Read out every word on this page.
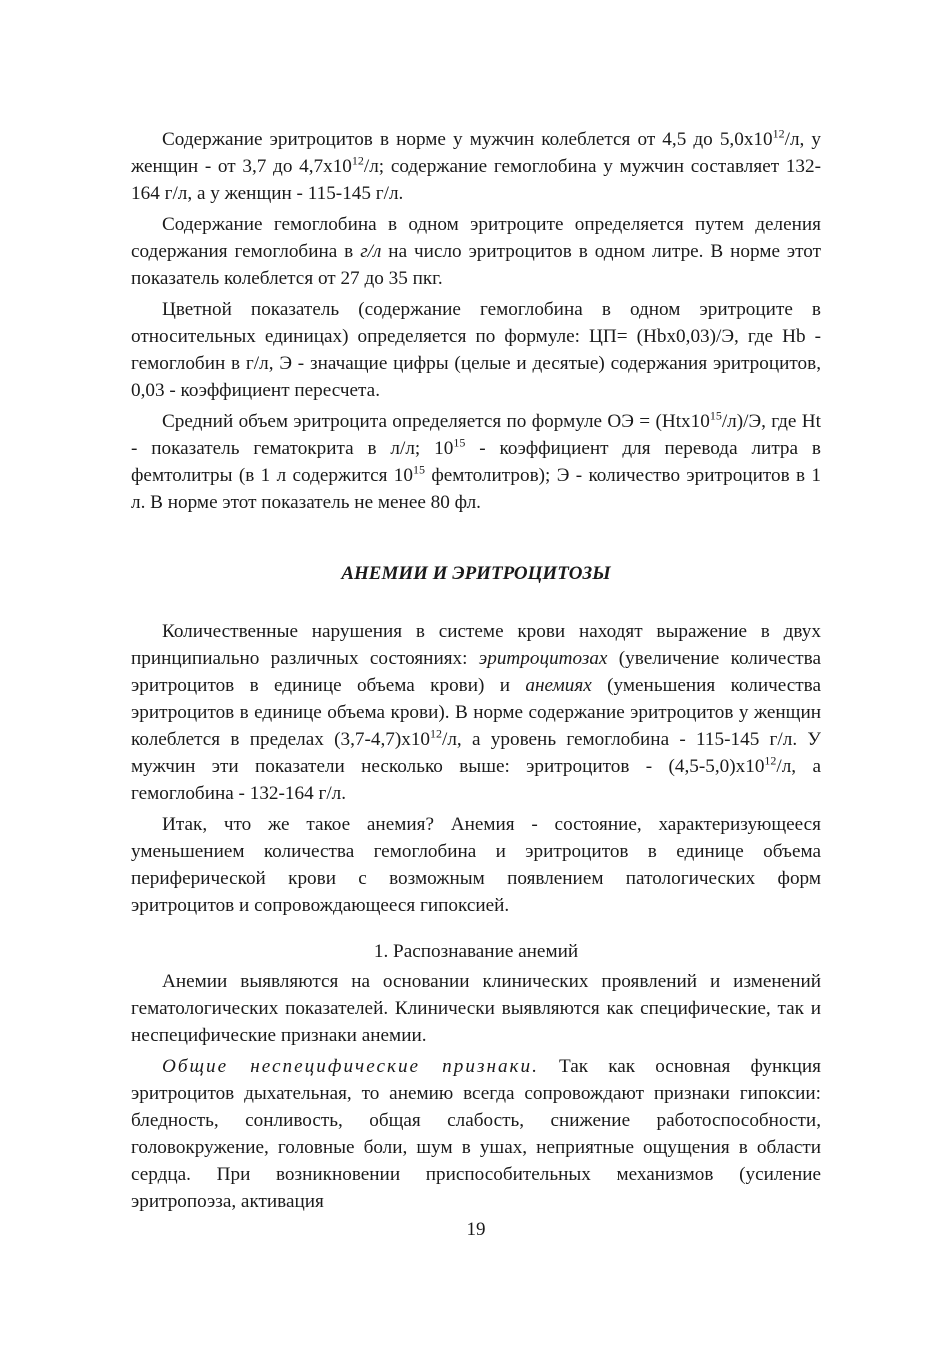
Содержание эритроцитов в норме у мужчин колеблется от 4,5 до $5,0х10^{12}/л$, у женщин - от 3,7 до $4,7х10^{12}/л$; содержание гемоглобина у мужчин составляет 132-164 г/л, а у женщин - 115-145 г/л.

Содержание гемоглобина в одном эритроците определяется путем деления содержания гемоглобина в г/л на число эритроцитов в одном литре. В норме этот показатель колеблется от 27 до 35 пкг.

Цветной показатель (содержание гемоглобина в одном эритроците в относительных единицах) определяется по формуле: ЦП= (Hbх0,03)/Э, где Hb - гемоглобин в г/л, Э - значащие цифры (целые и десятые) содержания эритроцитов, 0,03 - коэффициент пересчета.

Средний объем эритроцита определяется по формуле ОЭ = $(Htх10^{15}/л)/Э$, где Ht - показатель гематокрита в л/л; $10^{15}$ - коэффициент для перевода литра в фемтолитры (в 1 л содержится $10^{15}$ фемтолитров); Э - количество эритроцитов в 1 л. В норме этот показатель не менее 80 фл.

АНЕМИИ И ЭРИТРОЦИТОЗЫ

Количественные нарушения в системе крови находят выражение в двух принципиально различных состояниях: эритроцитозах (увеличение количества эритроцитов в единице объема крови) и анемиях (уменьшения количества эритроцитов в единице объема крови). В норме содержание эритроцитов у женщин колеблется в пределах $(3,7-4,7)х10^{12}/л$, а уровень гемоглобина - 115-145 г/л. У мужчин эти показатели несколько выше: эритроцитов - $(4,5-5,0)х10^{12}/л$, а гемоглобина - 132-164 г/л.

Итак, что же такое анемия? Анемия - состояние, характеризующееся уменьшением количества гемоглобина и эритроцитов в единице объема периферической крови с возможным появлением патологических форм эритроцитов и сопровождающееся гипоксией.

1. Распознавание анемий

Анемии выявляются на основании клинических проявлений и изменений гематологических показателей. Клинически выявляются как специфические, так и неспецифические признаки анемии.

Общие неспецифические признаки. Так как основная функция эритроцитов дыхательная, то анемию всегда сопровождают признаки гипоксии: бледность, сонливость, общая слабость, снижение работоспособности, головокружение, головные боли, шум в ушах, неприятные ощущения в области сердца. При возникновении приспособительных механизмов (усиление эритропоэза, активация

19
